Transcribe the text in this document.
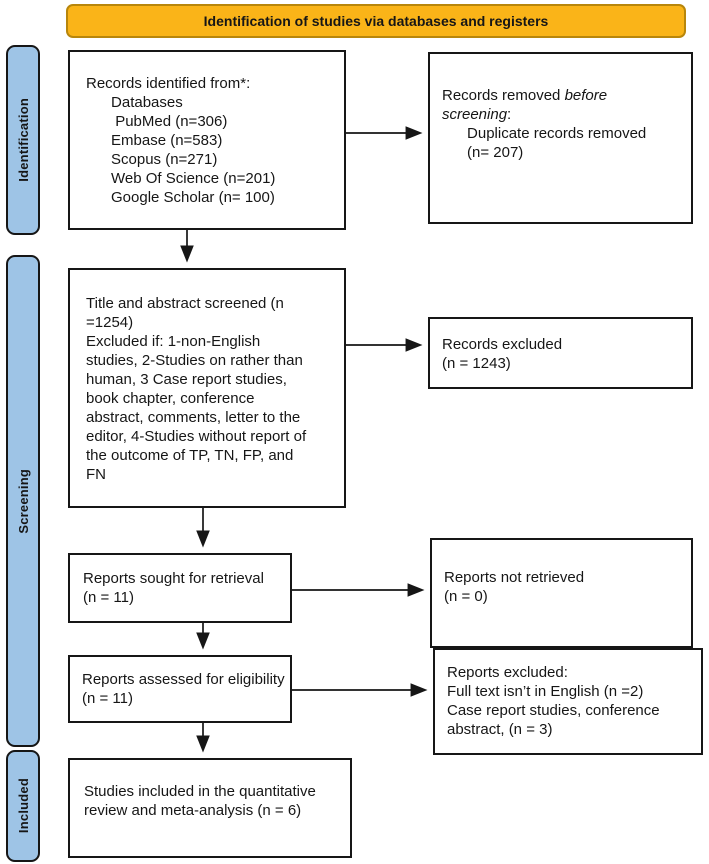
Identification of studies via databases and registers
Identification
Screening
Included
Records identified from*:
Databases
PubMed (n=306)
Embase (n=583)
Scopus (n=271)
Web Of Science (n=201)
Google Scholar (n= 100)
Records removed before
screening:
Duplicate records removed
(n= 207)
Title and abstract screened (n
=1254)
Excluded if: 1-non-English
studies, 2-Studies on rather than
human, 3 Case report studies,
book chapter, conference
abstract, comments, letter to the
editor, 4-Studies without report of
the outcome of TP, TN, FP, and
FN
Records excluded
(n = 1243)
Reports sought for retrieval
(n = 11)
Reports not retrieved
(n = 0)
Reports assessed for eligibility
(n = 11)
Reports excluded:
Full text isn’t in English (n =2)
Case report studies, conference
abstract, (n = 3)
Studies included in the quantitative
review and meta-analysis (n = 6)
